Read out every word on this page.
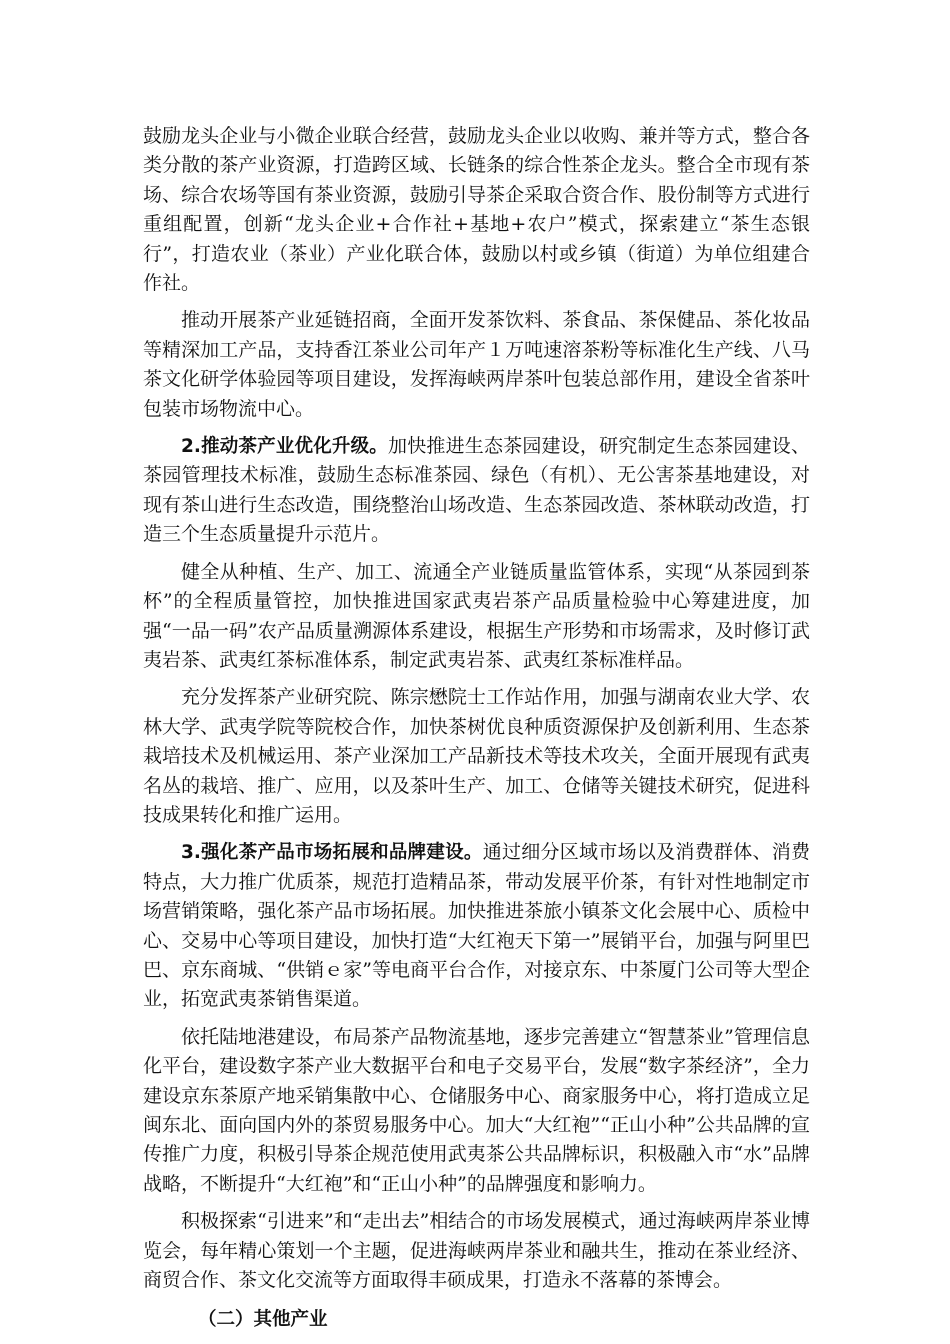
鼓励龙头企业与小微企业联合经营，鼓励龙头企业以收购、兼并等方式，整合各类分散的茶产业资源，打造跨区域、长链条的综合性茶企龙头。整合全市现有茶场、综合农场等国有茶业资源，鼓励引导茶企采取合资合作、股份制等方式进行重组配置，创新“龙头企业+合作社+基地+农户”模式，探索建立“茶生态银行”，打造农业（茶业）产业化联合体，鼓励以村或乡镇（街道）为单位组建合作社。

推动开展茶产业延链招商，全面开发茶饮料、茶食品、茶保健品、茶化妆品等精深加工产品，支持香江茶业公司年产１万吨速溶茶粉等标准化生产线、八马茶文化研学体验园等项目建设，发挥海峡两岸茶叶包装总部作用，建设全省茶叶包装市场物流中心。

2.推动茶产业优化升级。加快推进生态茶园建设，研究制定生态茶园建设、茶园管理技术标准，鼓励生态标准茶园、绿色（有机）、无公害茶基地建设，对现有茶山进行生态改造，围绕整治山场改造、生态茶园改造、茶林联动改造，打造三个生态质量提升示范片。

健全从种植、生产、加工、流通全产业链质量监管体系，实现“从茶园到茶杯”的全程质量管控，加快推进国家武夷岩茶产品质量检验中心筹建进度，加强“一品一码”农产品质量溯源体系建设，根据生产形势和市场需求，及时修订武夷岩茶、武夷红茶标准体系，制定武夷岩茶、武夷红茶标准样品。

充分发挥茶产业研究院、陈宗懋院士工作站作用，加强与湖南农业大学、农林大学、武夷学院等院校合作，加快茶树优良种质资源保护及创新利用、生态茶栽培技术及机械运用、茶产业深加工产品新技术等技术攻关，全面开展现有武夷名丛的栽培、推广、应用，以及茶叶生产、加工、仓储等关键技术研究，促进科技成果转化和推广运用。

3.强化茶产品市场拓展和品牌建设。通过细分区域市场以及消费群体、消费特点，大力推广优质茶，规范打造精品茶，带动发展平价茶，有针对性地制定市场营销策略，强化茶产品市场拓展。加快推进茶旅小镇茶文化会展中心、质检中心、交易中心等项目建设，加快打造“大红袍天下第一”展销平台，加强与阿里巴巴、京东商城、“供销ｅ家”等电商平台合作，对接京东、中茶厦门公司等大型企业，拓宽武夷茶销售渠道。

依托陆地港建设，布局茶产品物流基地，逐步完善建立“智慧茶业”管理信息化平台，建设数字茶产业大数据平台和电子交易平台，发展“数字茶经济”，全力建设京东茶原产地采销集散中心、仓储服务中心、商家服务中心，将打造成立足闽东北、面向国内外的茶贸易服务中心。加大“大红袍”“正山小种”公共品牌的宣传推广力度，积极引导茶企规范使用武夷茶公共品牌标识，积极融入市“水”品牌战略，不断提升“大红袍”和“正山小种”的品牌强度和影响力。

积极探索“引进来”和“走出去”相结合的市场发展模式，通过海峡两岸茶业博览会，每年精心策划一个主题，促进海峡两岸茶业和融共生，推动在茶业经济、商贸合作、茶文化交流等方面取得丰硕成果，打造永不落幕的茶博会。

（二）其他产业
